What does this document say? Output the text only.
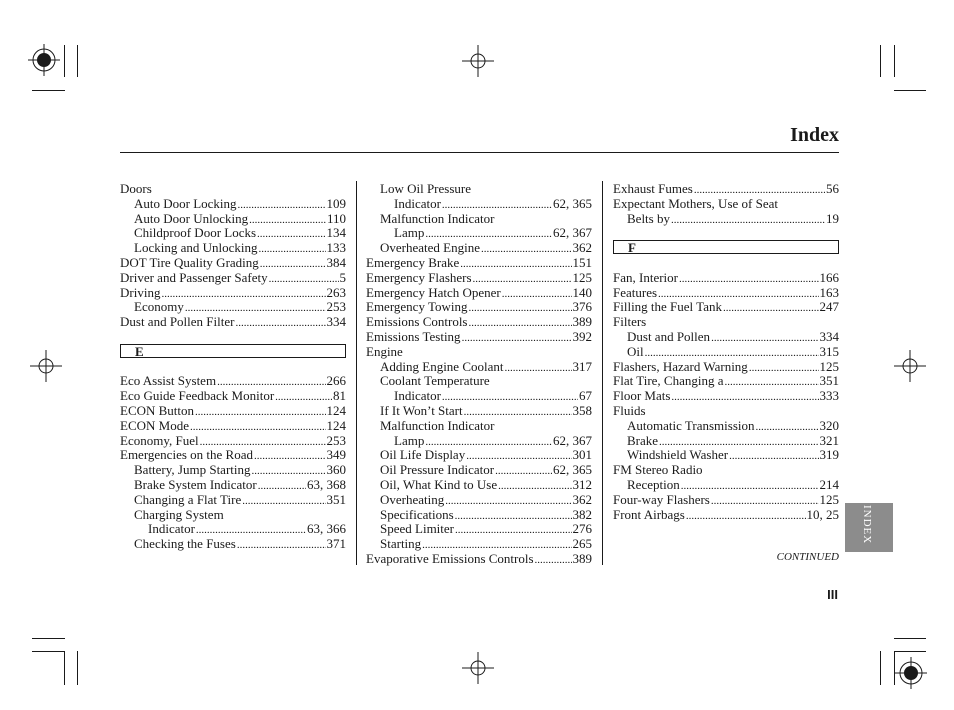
Index
Doors
Auto Door Locking .....	109
Auto Door Unlocking .....	110
Childproof Door Locks .....	134
Locking and Unlocking .....	133
DOT Tire Quality Grading .....	384
Driver and Passenger Safety .....	5
Driving .....	263
Economy .....	253
Dust and Pollen Filter .....	334
E
Eco Assist System .....	266
Eco Guide Feedback Monitor .....	81
ECON Button .....	124
ECON Mode .....	124
Economy, Fuel .....	253
Emergencies on the Road .....	349
Battery, Jump Starting .....	360
Brake System Indicator .....	63, 368
Changing a Flat Tire .....	351
Charging System
Indicator .....	63, 366
Checking the Fuses .....	371
Low Oil Pressure
Indicator .....	62, 365
Malfunction Indicator
Lamp .....	62, 367
Overheated Engine .....	362
Emergency Brake .....	151
Emergency Flashers .....	125
Emergency Hatch Opener .....	140
Emergency Towing .....	376
Emissions Controls .....	389
Emissions Testing .....	392
Engine
Adding Engine Coolant .....	317
Coolant Temperature
Indicator .....	67
If It Won’t Start .....	358
Malfunction Indicator
Lamp .....	62, 367
Oil Life Display .....	301
Oil Pressure Indicator .....	62, 365
Oil, What Kind to Use .....	312
Overheating .....	362
Specifications .....	382
Speed Limiter .....	276
Starting .....	265
Evaporative Emissions Controls .....	389
Exhaust Fumes .....	56
Expectant Mothers, Use of Seat
Belts by .....	19
F
Fan, Interior .....	166
Features .....	163
Filling the Fuel Tank .....	247
Filters
Dust and Pollen .....	334
Oil .....	315
Flashers, Hazard Warning .....	125
Flat Tire, Changing a .....	351
Floor Mats .....	333
Fluids
Automatic Transmission .....	320
Brake .....	321
Windshield Washer .....	319
FM Stereo Radio
Reception .....	214
Four-way Flashers .....	125
Front Airbags .....	10, 25 INDEX
CONTINUED
III
